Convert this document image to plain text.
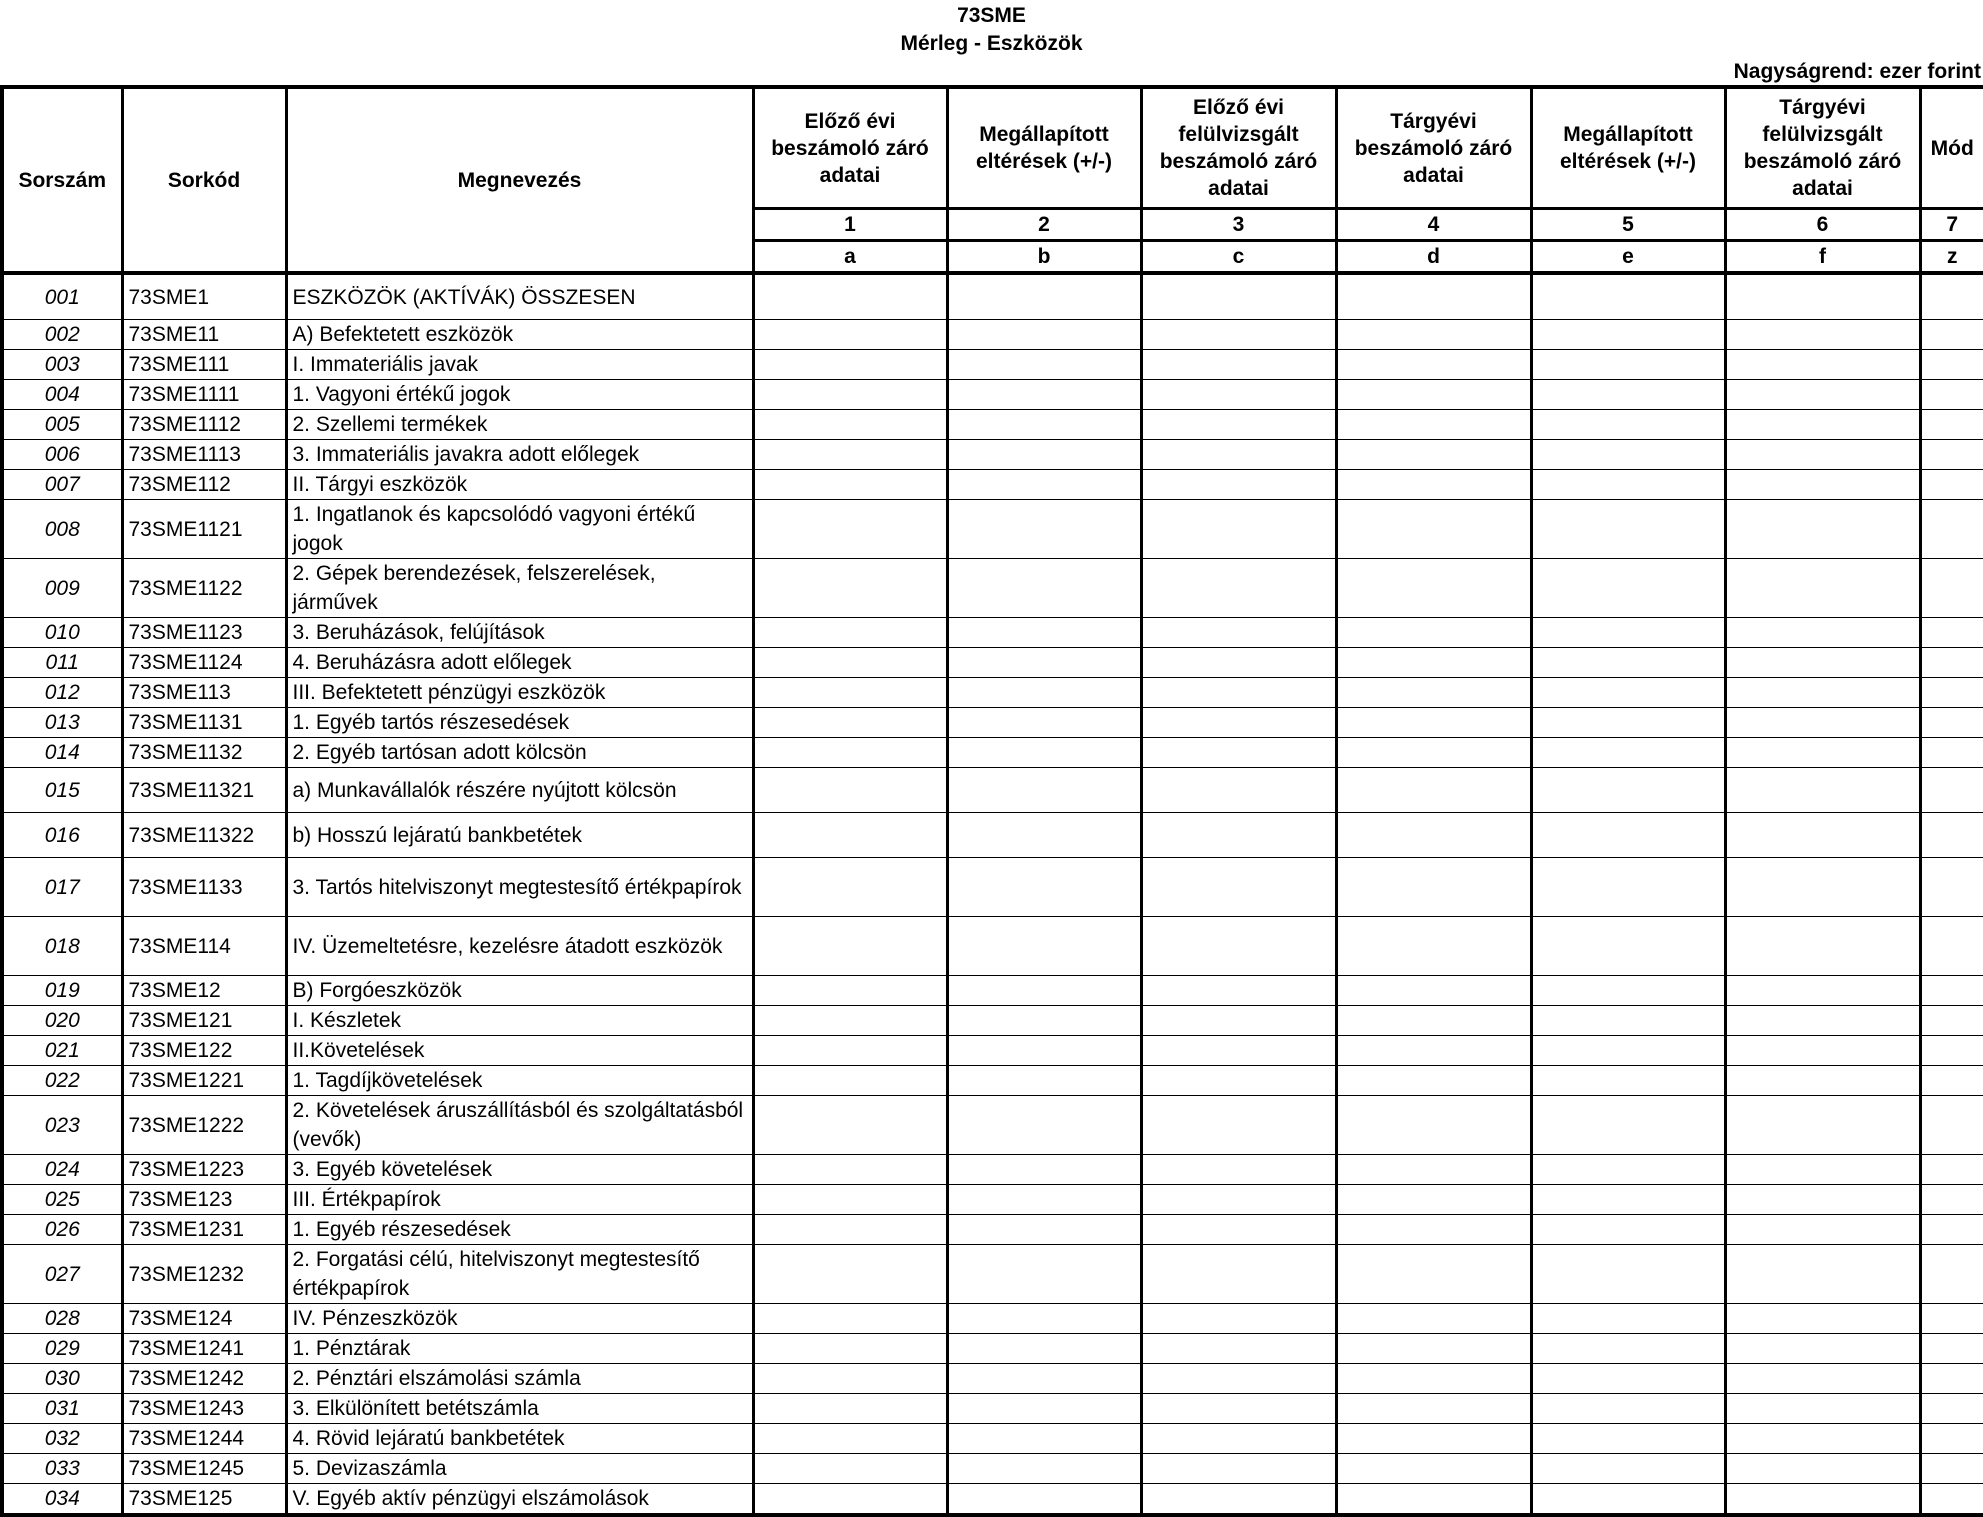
73SME
Mérleg - Eszközök
Nagyságrend: ezer forint
Sorszám	Sorkód	Megnevezés	Előző évi beszámoló záró adatai	Megállapított eltérések (+/-)	Előző évi felülvizsgált beszámoló záró adatai	Tárgyévi beszámoló záró adatai	Megállapított eltérések (+/-)	Tárgyévi felülvizsgált beszámoló záró adatai	Mód
			1	2	3	4	5	6	7
			a	b	c	d	e	f	z
001	73SME1	ESZKÖZÖK (AKTÍVÁK) ÖSSZESEN							
002	73SME11	A) Befektetett eszközök							
003	73SME111	I. Immateriális javak							
004	73SME1111	1. Vagyoni értékű jogok							
005	73SME1112	2. Szellemi termékek							
006	73SME1113	3. Immateriális javakra adott előlegek							
007	73SME112	II. Tárgyi eszközök							
008	73SME1121	1. Ingatlanok és kapcsolódó vagyoni értékű jogok							
009	73SME1122	2. Gépek berendezések, felszerelések, járművek							
010	73SME1123	3. Beruházások, felújítások							
011	73SME1124	4. Beruházásra adott előlegek							
012	73SME113	III. Befektetett pénzügyi eszközök							
013	73SME1131	1. Egyéb tartós részesedések							
014	73SME1132	2. Egyéb tartósan adott kölcsön							
015	73SME11321	a) Munkavállalók részére nyújtott kölcsön							
016	73SME11322	b) Hosszú lejáratú bankbetétek							
017	73SME1133	3. Tartós hitelviszonyt megtestesítő értékpapírok							
018	73SME114	IV. Üzemeltetésre, kezelésre átadott eszközök							
019	73SME12	B) Forgóeszközök							
020	73SME121	I. Készletek							
021	73SME122	II.Követelések							
022	73SME1221	1. Tagdíjkövetelések							
023	73SME1222	2. Követelések áruszállításból és szolgáltatásból (vevők)							
024	73SME1223	3. Egyéb követelések							
025	73SME123	III. Értékpapírok							
026	73SME1231	1. Egyéb részesedések							
027	73SME1232	2. Forgatási célú, hitelviszonyt megtestesítő értékpapírok							
028	73SME124	IV. Pénzeszközök							
029	73SME1241	1. Pénztárak							
030	73SME1242	2. Pénztári elszámolási számla							
031	73SME1243	3. Elkülönített betétszámla							
032	73SME1244	4. Rövid lejáratú bankbetétek							
033	73SME1245	5. Devizaszámla							
034	73SME125	V. Egyéb aktív pénzügyi elszámolások							
